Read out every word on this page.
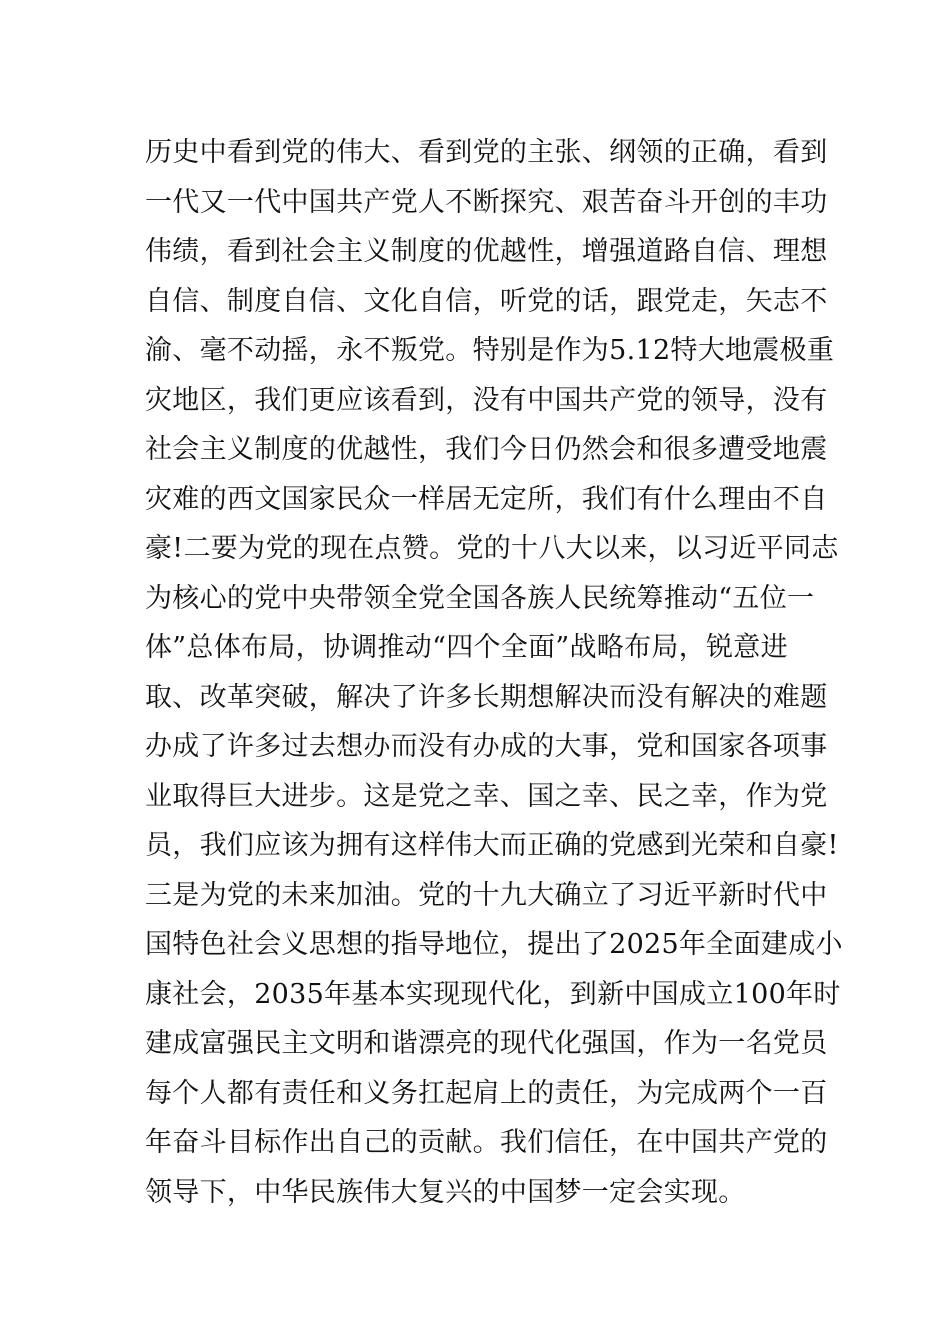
历史中看到党的伟大、看到党的主张、纲领的正确，看到
一代又一代中国共产党人不断探究、艰苦奋斗开创的丰功
伟绩，看到社会主义制度的优越性，增强道路自信、理想
自信、制度自信、文化自信，听党的话，跟党走，矢志不
渝、毫不动摇，永不叛党。特别是作为5.12特大地震极重
灾地区，我们更应该看到，没有中国共产党的领导，没有
社会主义制度的优越性，我们今日仍然会和很多遭受地震
灾难的西文国家民众一样居无定所，我们有什么理由不自
豪!二要为党的现在点赞。党的十八大以来，以习近平同志
为核心的党中央带领全党全国各族人民统筹推动“五位一
体”总体布局，协调推动“四个全面”战略布局，锐意进
取、改革突破，解决了许多长期想解决而没有解决的难题
办成了许多过去想办而没有办成的大事，党和国家各项事
业取得巨大进步。这是党之幸、国之幸、民之幸，作为党
员，我们应该为拥有这样伟大而正确的党感到光荣和自豪!
三是为党的未来加油。党的十九大确立了习近平新时代中
国特色社会义思想的指导地位，提出了2025年全面建成小
康社会，2035年基本实现现代化，到新中国成立100年时
建成富强民主文明和谐漂亮的现代化强国，作为一名党员
每个人都有责任和义务扛起肩上的责任，为完成两个一百
年奋斗目标作出自己的贡献。我们信任，在中国共产党的
领导下，中华民族伟大复兴的中国梦一定会实现。
